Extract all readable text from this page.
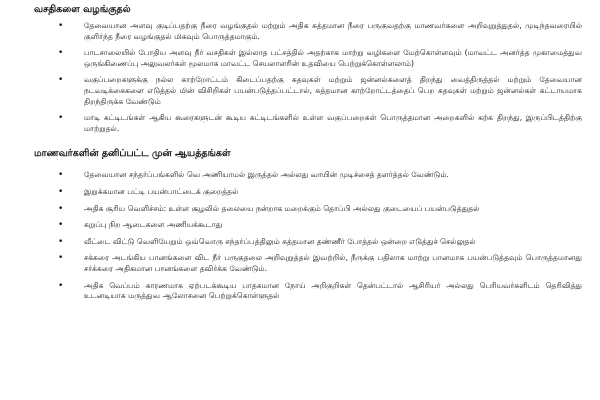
வசதிகளை வழங்குதல்
•	தேவையான அளவு குடிப்பதற்கு நீரை வழங்குதல் மற்றும் அதிக சுத்தமான நீரை பருகுவதற்கு மாணவர்களை அறிவுறுத்துதல், முடிந்தவரையில் குளிர்ந்த நீரை வழங்குதல் மிகவும் பொருத்தமாகும்.
•	பாடசாலையில் போதிய அளவு நீர் வசதிகள் இல்லாத பட்சத்தில் அதற்காக மாற்று வழிகளை மேற்கொள்ளவும் (மாவட்ட அனர்த்த முகாமைத்துவ ஒருங்கிணைப்பு அலுவலர்கள் மூலமாக மாவட்ட செயலாளரின் உதவியை பெற்றுக்கொள்ளலாம்)
•	வகுப்பறைகளுக்கு நல்ல காற்றோட்டம் கிடைப்பதற்கு கதவுகள் மற்றும் ஜன்னல்களைத் திறந்து வைத்திருத்தல் மற்றும் தேவையான நடவடிக்கைகளை எடுத்தல் மின் விசிறிகள் பயன்படுத்தப்பட்டால், சுத்தமான காற்றோட்டத்தைப் பெற கதவுகள் மற்றும் ஜன்னல்கள் கட்டாயமாக திறந்திருக்க வேண்டும்
•	மாடி கட்டிடங்கள் ஆகிய கூரைகளுடன் கூடிய கட்டிடங்களில் உள்ள வகுப்பறைகள் பொருத்தமான அறைகளில் கற்க திறந்து, இருப்பிடத்திற்கு மாற்றுதல்.
மாணவர்களின் தனிப்பட்ட முன் ஆயத்தங்கள்
•	தேவையான சந்தர்ப்பங்களில் வெ அணியாமல் இருத்தல் அல்லது வாயின் முடிச்சைத் தளர்த்தல் வேண்டும்.
•	இறுக்கமான பட்டி பயன்பாட்டைக் குறைத்தல்
•	அதிக சூரிய வெளிச்சம்: உள்ள சூழலில் தலையை நன்றாக மறைக்கும் தொப்பி அல்லது குடையைப் பயன்படுத்துதல்
•	கறுப்பு நிற ஆடைகளை அணியக்கூடாது
•	வீட்டை விட்டு வெளியேறும் ஒவ்வொரு சந்தர்ப்பத்திலும் சுத்தமான தண்ணீர் போத்தல் ஒன்றை எடுத்துச் செல்லுதல்
•	சக்கரை அடங்கிய பானங்களை விட நீர் பருகுதலை அறிவுறுத்தல் இவற்றில், நீருக்கு பதிலாக மாற்று பானமாக பயன்படுத்தவும் பொருத்தமானது சர்க்கரை அதிகமான பானங்களை தவிர்க்க வேண்டும்.
•	அதிக வெப்பம் காரணமாக ஏற்படக்கூடிய பாதகமான நோய் அறிகுறிகள் தென்பட்டால் ஆசிரியர் அல்லது பெரியவர்களிடம் தெரிவித்து உடனடியாக மருத்துவ ஆலோசனை பெற்றுக்கொள்ளுதல்
